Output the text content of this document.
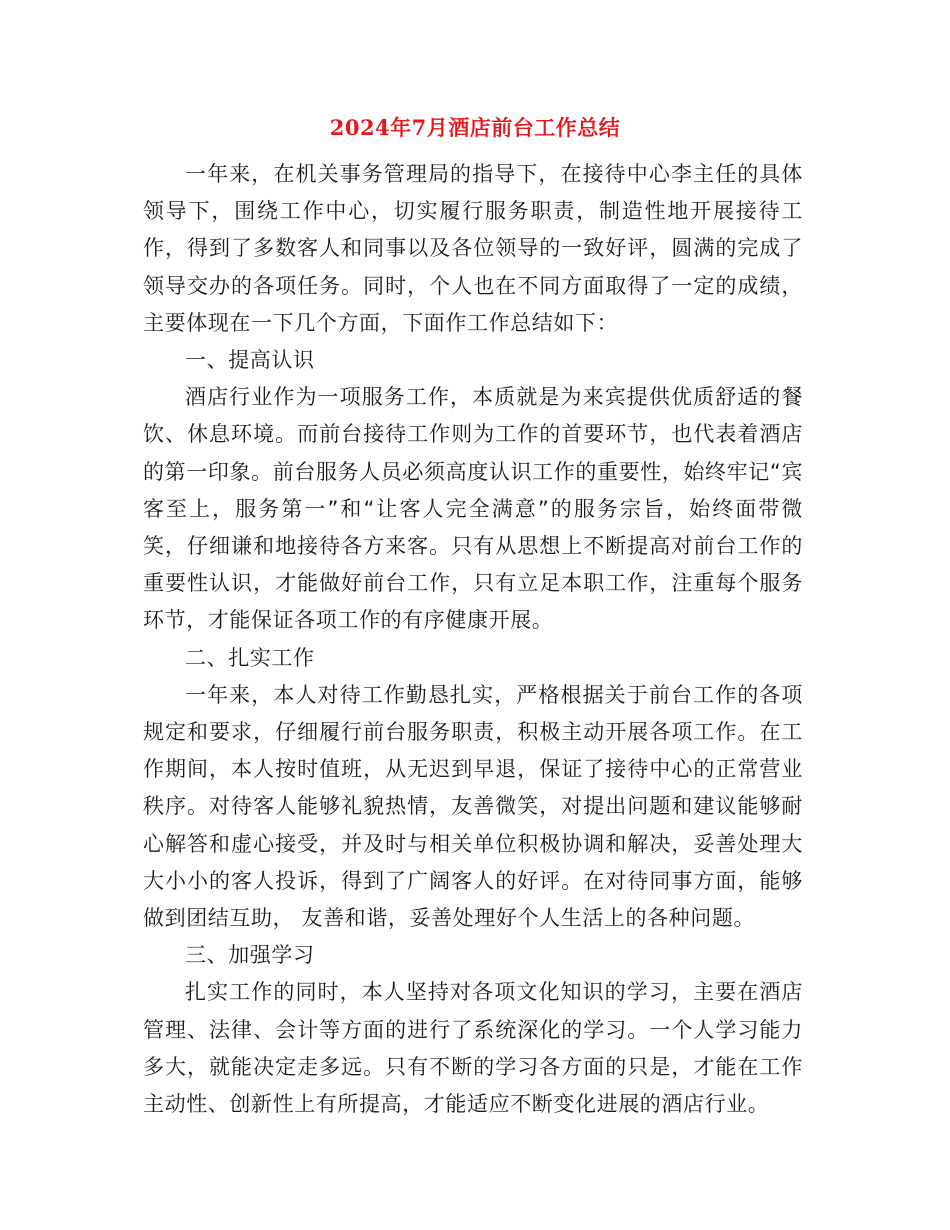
2024年7月酒店前台工作总结

一年来，在机关事务管理局的指导下，在接待中心李主任的具体领导下，围绕工作中心，切实履行服务职责，制造性地开展接待工作，得到了多数客人和同事以及各位领导的一致好评，圆满的完成了领导交办的各项任务。同时，个人也在不同方面取得了一定的成绩，主要体现在一下几个方面，下面作工作总结如下：

一、提高认识

酒店行业作为一项服务工作，本质就是为来宾提供优质舒适的餐饮、休息环境。而前台接待工作则为工作的首要环节，也代表着酒店的第一印象。前台服务人员必须高度认识工作的重要性，始终牢记“宾客至上，服务第一”和“让客人完全满意”的服务宗旨，始终面带微笑，仔细谦和地接待各方来客。只有从思想上不断提高对前台工作的重要性认识，才能做好前台工作，只有立足本职工作，注重每个服务环节，才能保证各项工作的有序健康开展。

二、扎实工作

一年来，本人对待工作勤恳扎实，严格根据关于前台工作的各项规定和要求，仔细履行前台服务职责，积极主动开展各项工作。在工作期间，本人按时值班，从无迟到早退，保证了接待中心的正常营业秩序。对待客人能够礼貌热情，友善微笑，对提出问题和建议能够耐心解答和虚心接受，并及时与相关单位积极协调和解决，妥善处理大大小小的客人投诉，得到了广阔客人的好评。在对待同事方面，能够做到团结互助， 友善和谐，妥善处理好个人生活上的各种问题。

三、加强学习

扎实工作的同时，本人坚持对各项文化知识的学习，主要在酒店管理、法律、会计等方面的进行了系统深化的学习。一个人学习能力多大，就能决定走多远。只有不断的学习各方面的只是，才能在工作主动性、创新性上有所提高，才能适应不断变化进展的酒店行业。
